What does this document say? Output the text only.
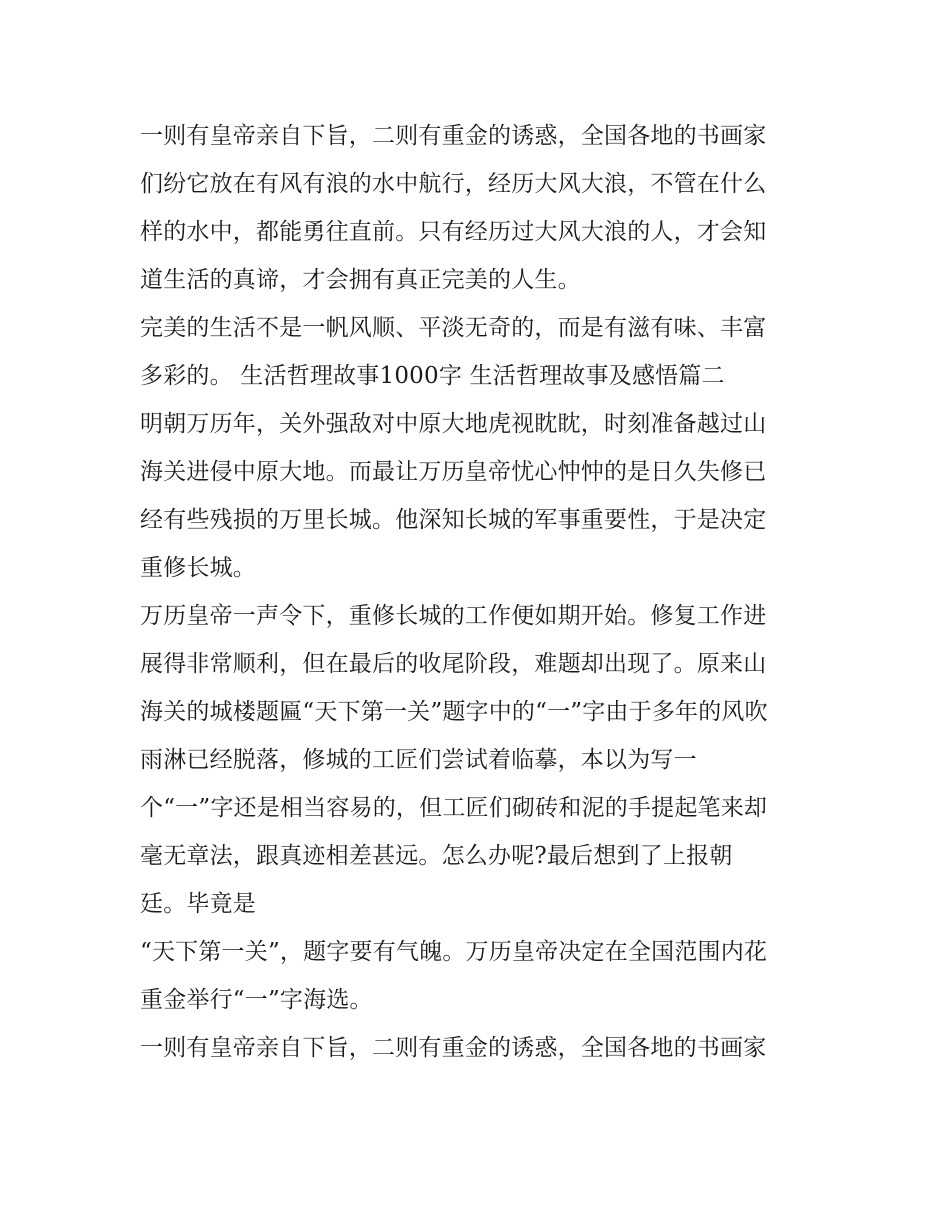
一则有皇帝亲自下旨，二则有重金的诱惑，全国各地的书画家
们纷它放在有风有浪的水中航行，经历大风大浪，不管在什么
样的水中，都能勇往直前。只有经历过大风大浪的人，才会知
道生活的真谛，才会拥有真正完美的人生。
完美的生活不是一帆风顺、平淡无奇的，而是有滋有味、丰富
多彩的。 生活哲理故事1000字 生活哲理故事及感悟篇二
明朝万历年，关外强敌对中原大地虎视眈眈，时刻准备越过山
海关进侵中原大地。而最让万历皇帝忧心忡忡的是日久失修已
经有些残损的万里长城。他深知长城的军事重要性，于是决定
重修长城。
万历皇帝一声令下，重修长城的工作便如期开始。修复工作进
展得非常顺利，但在最后的收尾阶段，难题却出现了。原来山
海关的城楼题匾“天下第一关”题字中的“一”字由于多年的风吹
雨淋已经脱落，修城的工匠们尝试着临摹，本以为写一
个“一”字还是相当容易的，但工匠们砌砖和泥的手提起笔来却
毫无章法，跟真迹相差甚远。怎么办呢?最后想到了上报朝
廷。毕竟是
“天下第一关”，题字要有气魄。万历皇帝决定在全国范围内花
重金举行“一”字海选。
一则有皇帝亲自下旨，二则有重金的诱惑，全国各地的书画家
